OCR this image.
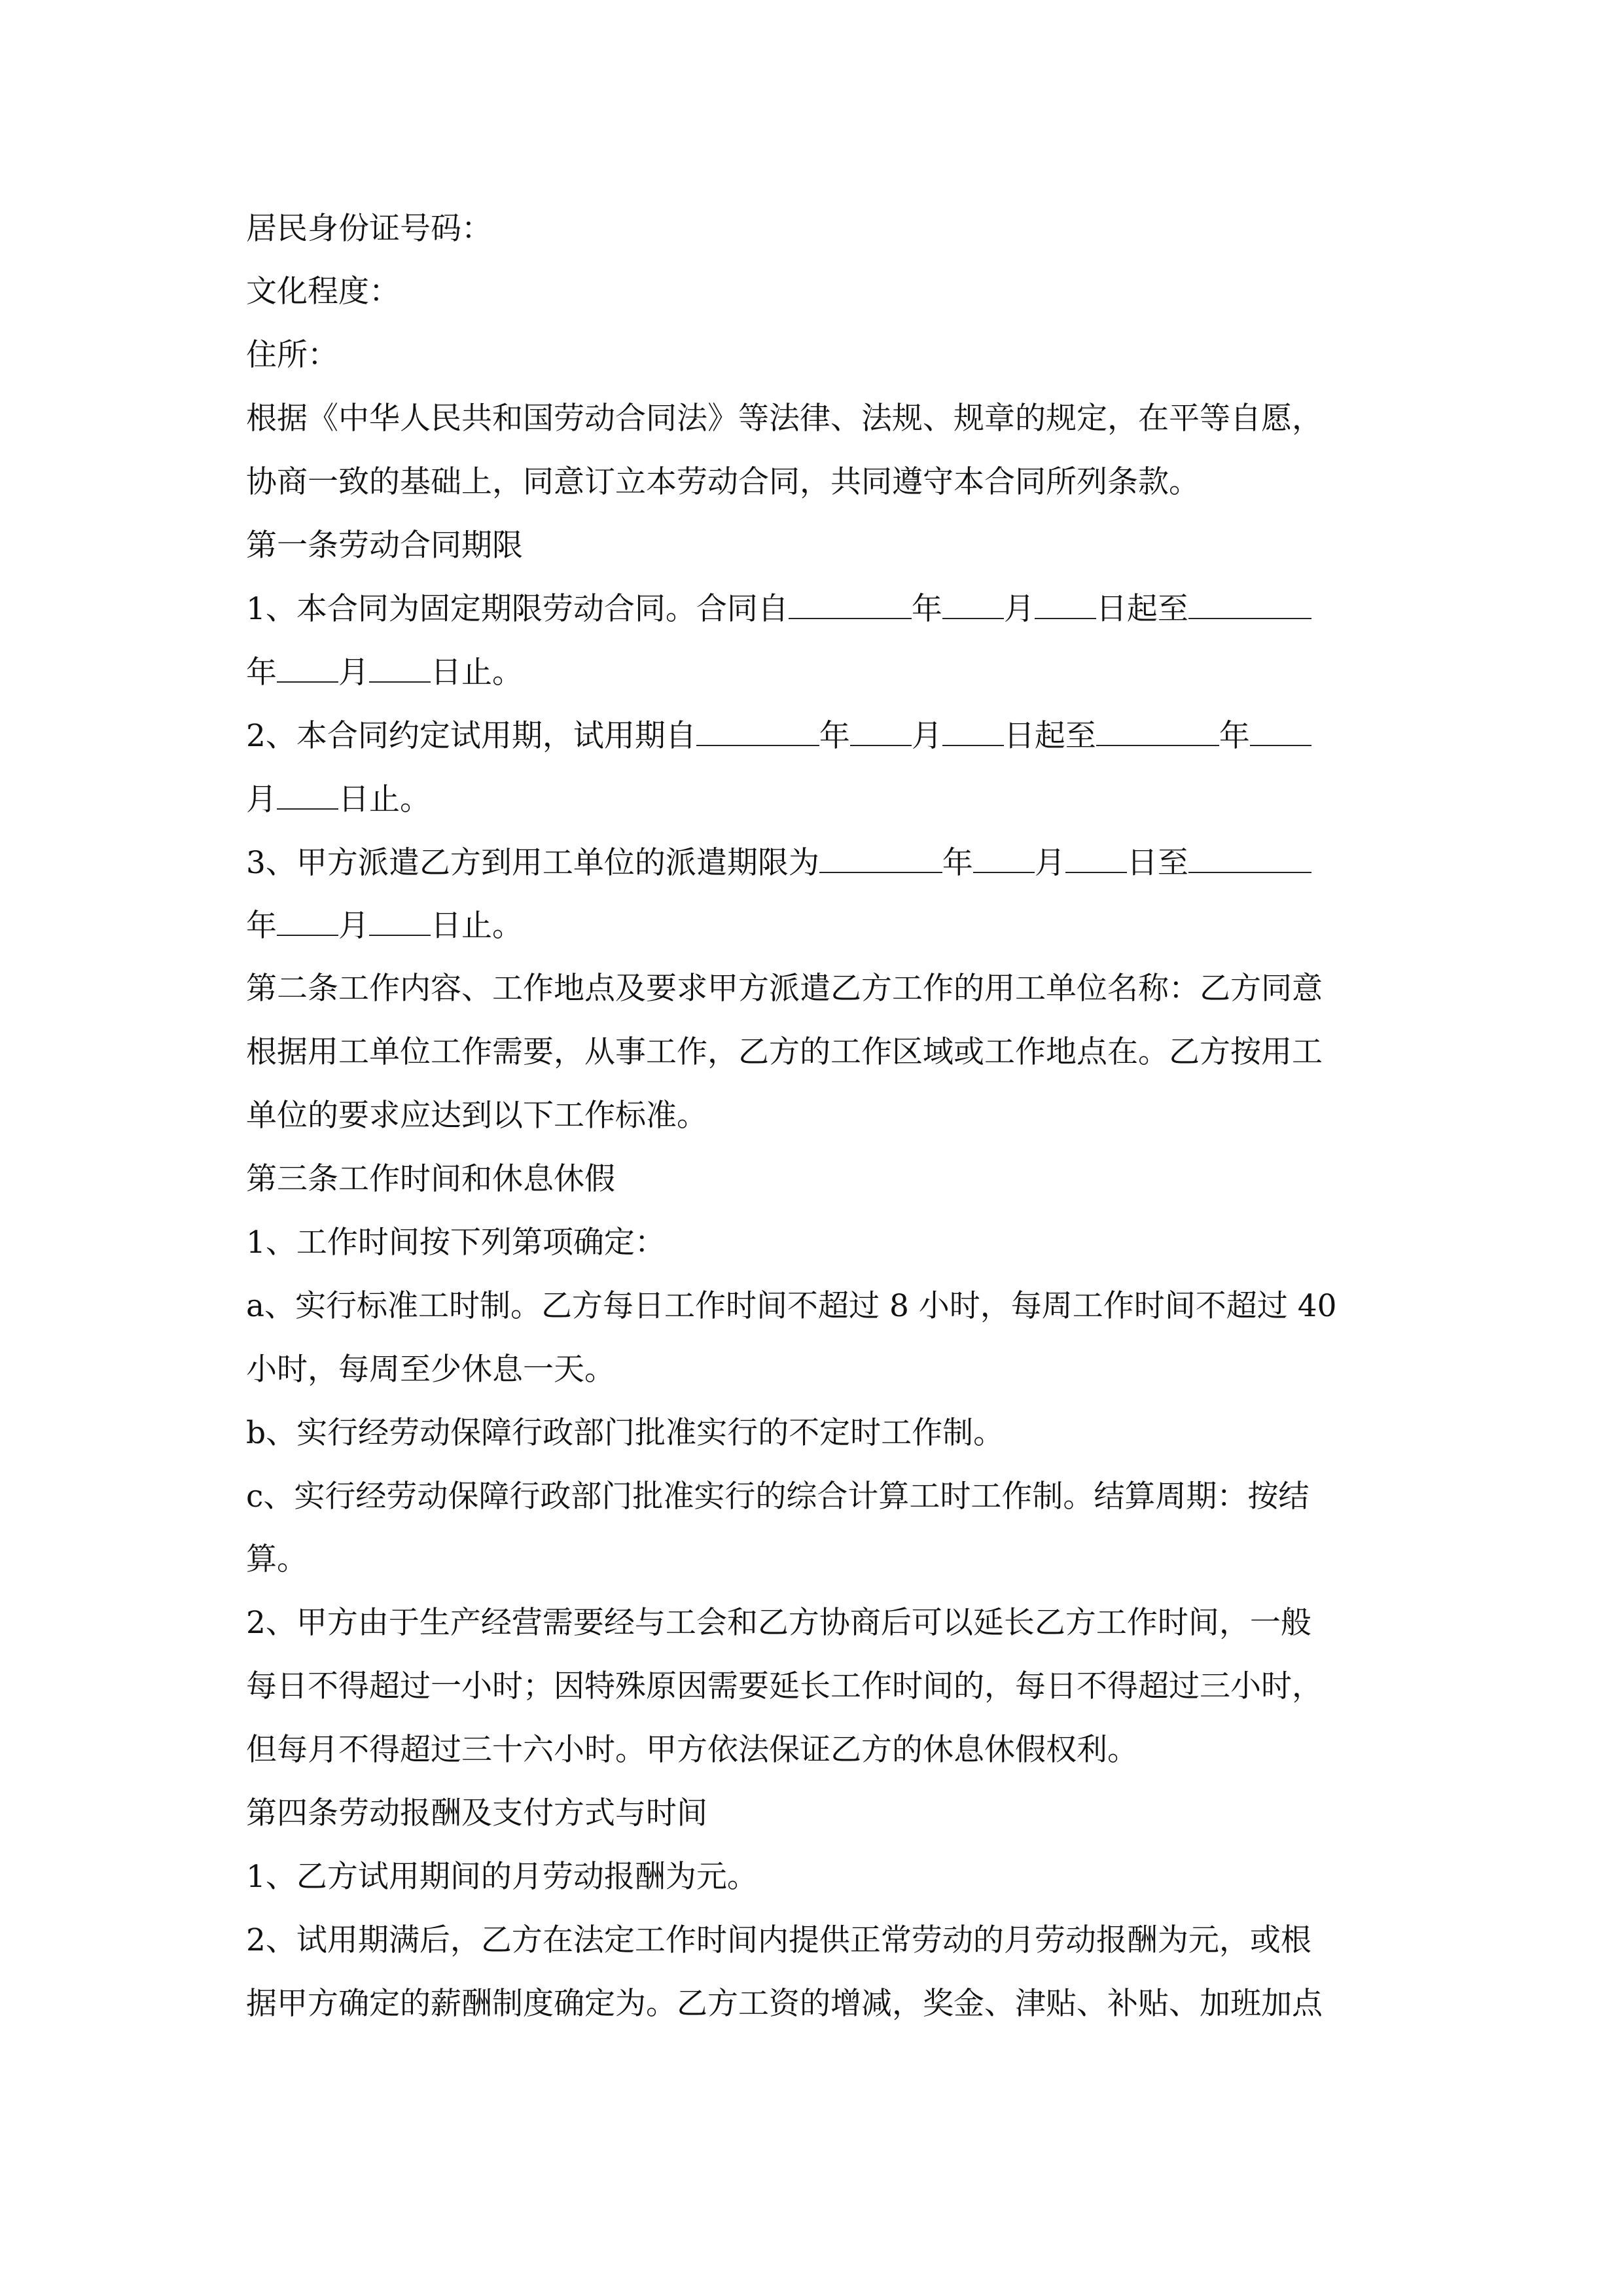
居民身份证号码：
文化程度：
住所：
根据《中华人民共和国劳动合同法》等法律、法规、规章的规定，在平等自愿，
协商一致的基础上，同意订立本劳动合同，共同遵守本合同所列条款。
第一条劳动合同期限
1、本合同为固定期限劳动合同。合同自	年 月 日起至
年 月 日止。
2、本合同约定试用期，试用期自	年 月 日起至	年
月 日止。
3、甲方派遣乙方到用工单位的派遣期限为	年 月 日至
年 月 日止。
第二条工作内容、工作地点及要求甲方派遣乙方工作的用工单位名称：乙方同意
根据用工单位工作需要，从事工作，乙方的工作区域或工作地点在。乙方按用工
单位的要求应达到以下工作标准。
第三条工作时间和休息休假
1、工作时间按下列第项确定：
a、实行标准工时制。乙方每日工作时间不超过 8 小时，每周工作时间不超过 40
小时，每周至少休息一天。
b、实行经劳动保障行政部门批准实行的不定时工作制。
c、实行经劳动保障行政部门批准实行的综合计算工时工作制。结算周期：按结
算。
2、甲方由于生产经营需要经与工会和乙方协商后可以延长乙方工作时间，一般
每日不得超过一小时；因特殊原因需要延长工作时间的，每日不得超过三小时，
但每月不得超过三十六小时。甲方依法保证乙方的休息休假权利。
第四条劳动报酬及支付方式与时间
1、乙方试用期间的月劳动报酬为元。
2、试用期满后，乙方在法定工作时间内提供正常劳动的月劳动报酬为元，或根
据甲方确定的薪酬制度确定为。乙方工资的增减，奖金、津贴、补贴、加班加点
